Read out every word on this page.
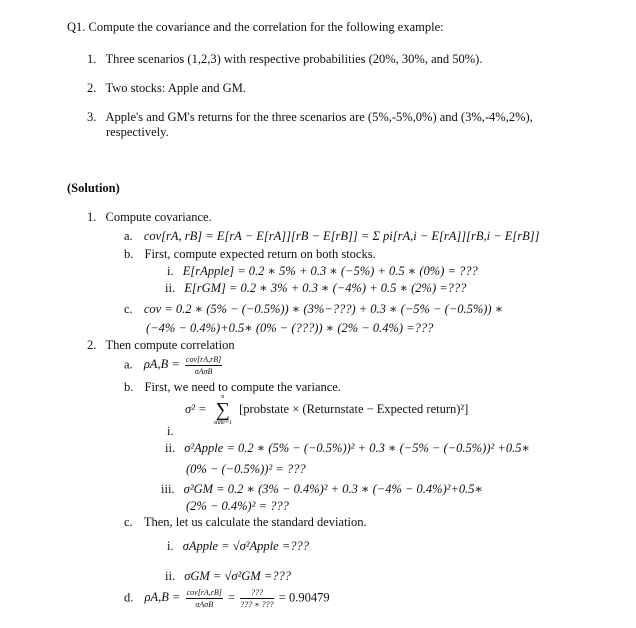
Q1. Compute the covariance and the correlation for the following example:
1. Three scenarios (1,2,3) with respective probabilities (20%, 30%, and 50%).
2. Two stocks: Apple and GM.
3. Apple's and GM's returns for the three scenarios are (5%,-5%,0%) and (3%,-4%,2%),
respectively.
(Solution)
1. Compute covariance.
a. cov[rA, rB] = E[rA − E[rA]][rB − E[rB]] = Σ pi[rA,i − E[rA]][rB,i − E[rB]]
b. First, compute expected return on both stocks.
i. E[rApple] = 0.2 ∗ 5% + 0.3 ∗ (−5%) + 0.5 ∗ (0%) = ???
ii. E[rGM] = 0.2 ∗ 3% + 0.3 ∗ (−4%) + 0.5 ∗ (2%) =???
c. cov = 0.2 ∗ (5% − (−0.5%)) ∗ (3%−???) + 0.3 ∗ (−5% − (−0.5%)) ∗
(−4% − 0.4%)+0.5∗ (0% − (???)) ∗ (2% − 0.4%) =???
2. Then compute correlation
a. $\rho A,B = \frac{\text{cov[rA,rB]}}{\text{σAσB}}$
b. First, we need to compute the variance.
σ² =
n
∑
state=1
[probstate × (Returnstate − Expected return)²]
i.
ii. σ²Apple = 0.2 ∗ (5% − (−0.5%))² + 0.3 ∗ (−5% − (−0.5%))² +0.5∗
(0% − (−0.5%))² = ???
iii. σ²GM = 0.2 ∗ (3% − 0.4%)² + 0.3 ∗ (−4% − 0.4%)²+0.5∗
(2% − 0.4%)² = ???
c. Then, let us calculate the standard deviation.
i. σApple = √σ²Apple =???
ii. σGM = √σ²GM =???
d. $\rho A,B = \frac{\text{cov[rA,rB]}}{\text{σAσB}} = \frac{???}{??? ∗ ???} = 0.90479$
